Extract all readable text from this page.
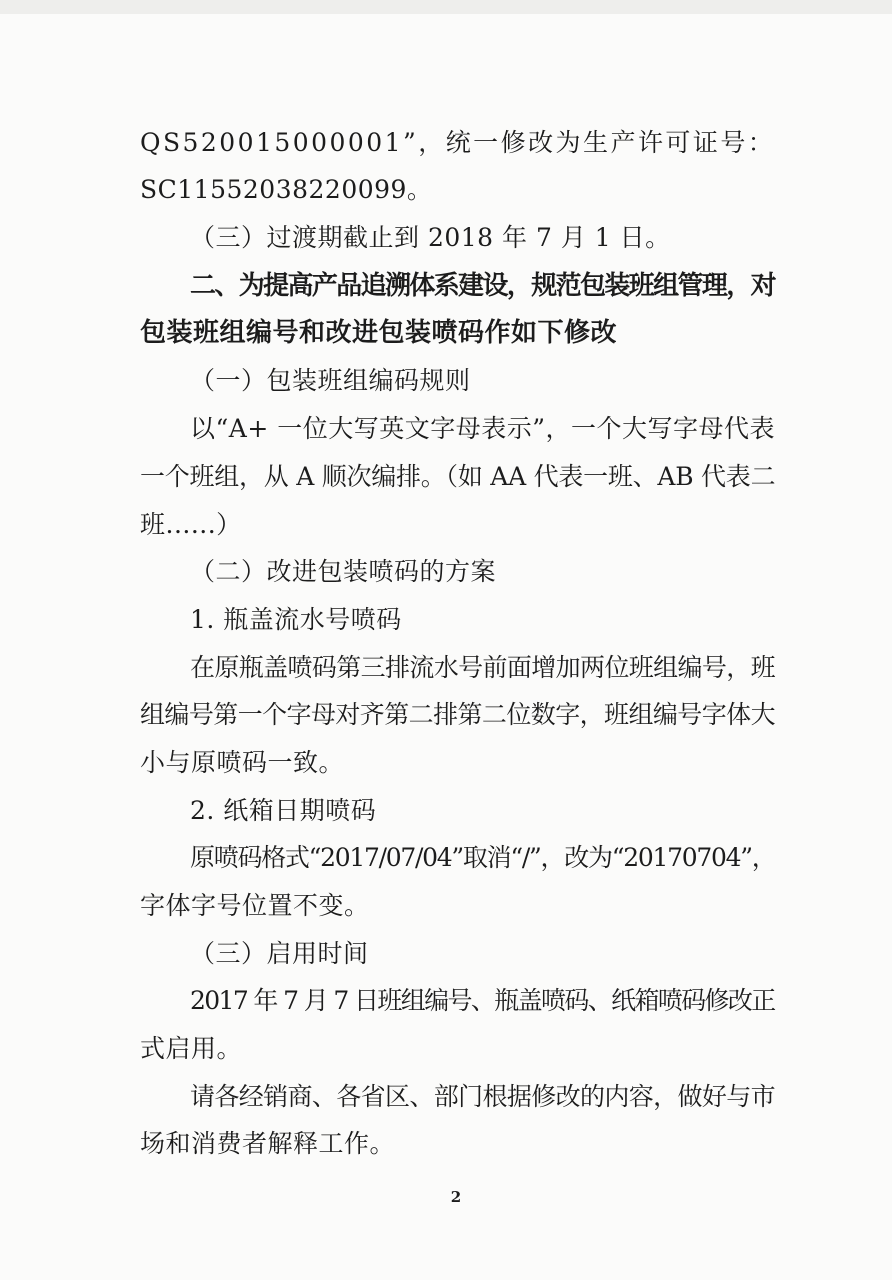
QS520015000001”，统一修改为生产许可证号：
SC11552038220099。
（三）过渡期截止到 2018 年 7 月 1 日。
二、为提高产品追溯体系建设，规范包装班组管理，对
包装班组编号和改进包装喷码作如下修改
（一）包装班组编码规则
以“A+ 一位大写英文字母表示”，一个大写字母代表
一个班组，从 A 顺次编排。（如 AA 代表一班、AB 代表二
班......）
（二）改进包装喷码的方案
1. 瓶盖流水号喷码
在原瓶盖喷码第三排流水号前面增加两位班组编号，班
组编号第一个字母对齐第二排第二位数字，班组编号字体大
小与原喷码一致。
2. 纸箱日期喷码
原喷码格式“2017/07/04”取消“/”，改为“20170704”，
字体字号位置不变。
（三）启用时间
2017 年 7 月 7 日班组编号、瓶盖喷码、纸箱喷码修改正
式启用。
请各经销商、各省区、部门根据修改的内容，做好与市
场和消费者解释工作。
2
